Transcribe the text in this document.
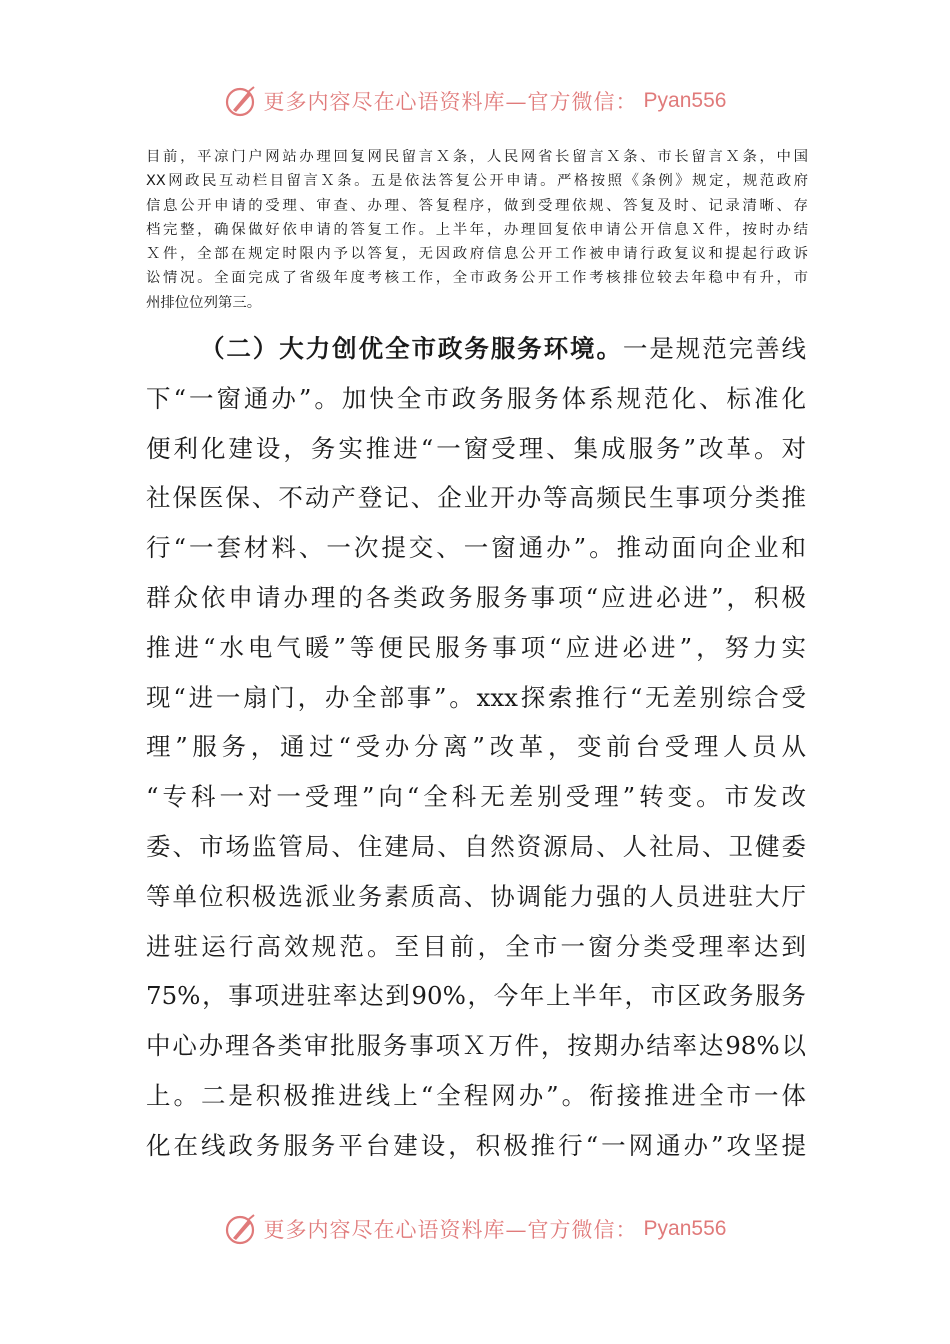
更多内容尽在心语资料库—官方微信： Pyan556
目前，平凉门户网站办理回复网民留言Ｘ条，人民网省长留言Ｘ条、市长留言Ｘ条，中国
XX网政民互动栏目留言Ｘ条。五是依法答复公开申请。严格按照《条例》规定，规范政府
信息公开申请的受理、审查、办理、答复程序，做到受理依规、答复及时、记录清晰、存
档完整，确保做好依申请的答复工作。上半年，办理回复依申请公开信息Ｘ件，按时办结
Ｘ件，全部在规定时限内予以答复，无因政府信息公开工作被申请行政复议和提起行政诉
讼情况。全面完成了省级年度考核工作，全市政务公开工作考核排位较去年稳中有升，市
州排位位列第三。
（二）大力创优全市政务服务环境。一是规范完善线
下“一窗通办”。加快全市政务服务体系规范化、标准化
便利化建设，务实推进“一窗受理、集成服务”改革。对
社保医保、不动产登记、企业开办等高频民生事项分类推
行“一套材料、一次提交、一窗通办”。推动面向企业和
群众依申请办理的各类政务服务事项“应进必进”，积极
推进“水电气暖”等便民服务事项“应进必进”，努力实
现“进一扇门，办全部事”。xxx探索推行“无差别综合受
理”服务，通过“受办分离”改革，变前台受理人员从
“专科一对一受理”向“全科无差别受理”转变。市发改
委、市场监管局、住建局、自然资源局、人社局、卫健委
等单位积极选派业务素质高、协调能力强的人员进驻大厅
进驻运行高效规范。至目前，全市一窗分类受理率达到
75%，事项进驻率达到90%，今年上半年，市区政务服务
中心办理各类审批服务事项Ｘ万件，按期办结率达98%以
上。二是积极推进线上“全程网办”。衔接推进全市一体
化在线政务服务平台建设，积极推行“一网通办”攻坚提
更多内容尽在心语资料库—官方微信： Pyan556
